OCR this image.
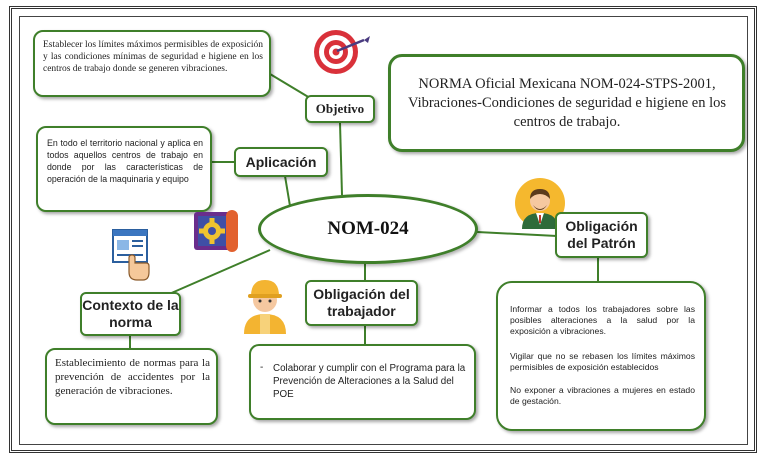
Establecer los límites máximos permisibles de exposición y las condiciones mínimas de seguridad e higiene en los centros de trabajo donde se generen vibraciones.
Objetivo
NORMA Oficial Mexicana NOM-024-STPS-2001, Vibraciones-Condiciones de seguridad e higiene en los centros de trabajo.
En todo el territorio nacional y aplica en todos aquellos centros de trabajo en donde por las características de operación de la maquinaria y equipo
Aplicación
NOM-024
Obligación del trabajador
Obligación del Patrón
Informar a todos los trabajadores sobre las posibles alteraciones a la salud por la exposición a vibraciones.
Vigilar que no se rebasen los límites máximos permisibles de exposición establecidos
No exponer a vibraciones a mujeres en estado de gestación.
Contexto de la norma
Establecimiento de normas para la prevención de accidentes por la generación de vibraciones.
- Colaborar y cumplir con el Programa para la Prevención de Alteraciones a la Salud del POE
